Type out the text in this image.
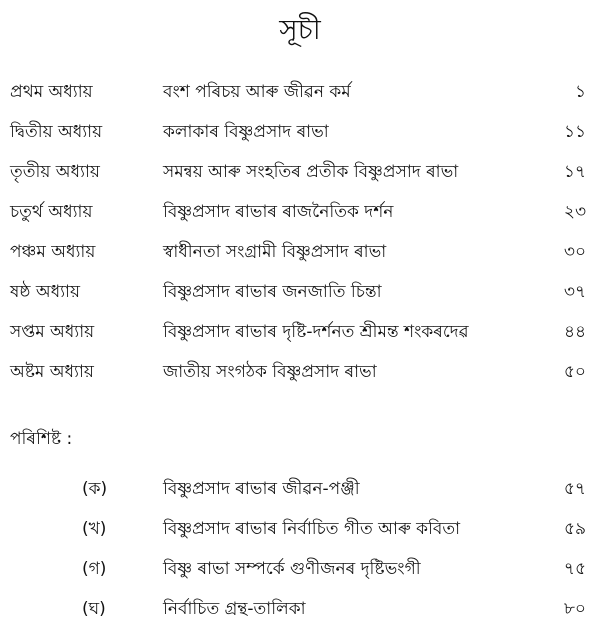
সূচী
প্ৰথম অধ্যায়	বংশ পৰিচয় আৰু জীৱন কৰ্ম	১
দ্বিতীয় অধ্যায়	কলাকাৰ বিষ্ণুপ্ৰসাদ ৰাভা	১১
তৃতীয় অধ্যায়	সমন্বয় আৰু সংহতিৰ প্ৰতীক বিষ্ণুপ্ৰসাদ ৰাভা	১৭
চতুৰ্থ অধ্যায়	বিষ্ণুপ্ৰসাদ ৰাভাৰ ৰাজনৈতিক দৰ্শন	২৩
পঞ্চম অধ্যায়	স্বাধীনতা সংগ্ৰামী বিষ্ণুপ্ৰসাদ ৰাভা	৩০
ষষ্ঠ অধ্যায়	বিষ্ণুপ্ৰসাদ ৰাভাৰ জনজাতি চিন্তা	৩৭
সপ্তম অধ্যায়	বিষ্ণুপ্ৰসাদ ৰাভাৰ দৃষ্টি-দৰ্শনত শ্ৰীমন্ত শংকৰদেৱ	৪৪
অষ্টম অধ্যায়	জাতীয় সংগঠক বিষ্ণুপ্ৰসাদ ৰাভা	৫০
পৰিশিষ্ট :
(ক)	বিষ্ণুপ্ৰসাদ ৰাভাৰ জীৱন-পঞ্জী	৫৭
(খ)	বিষ্ণুপ্ৰসাদ ৰাভাৰ নিৰ্বাচিত গীত আৰু কবিতা	৫৯
(গ)	বিষ্ণু ৰাভা সম্পৰ্কে গুণীজনৰ দৃষ্টিভংগী	৭৫
(ঘ)	নিৰ্বাচিত গ্ৰন্থ-তালিকা	৮০
